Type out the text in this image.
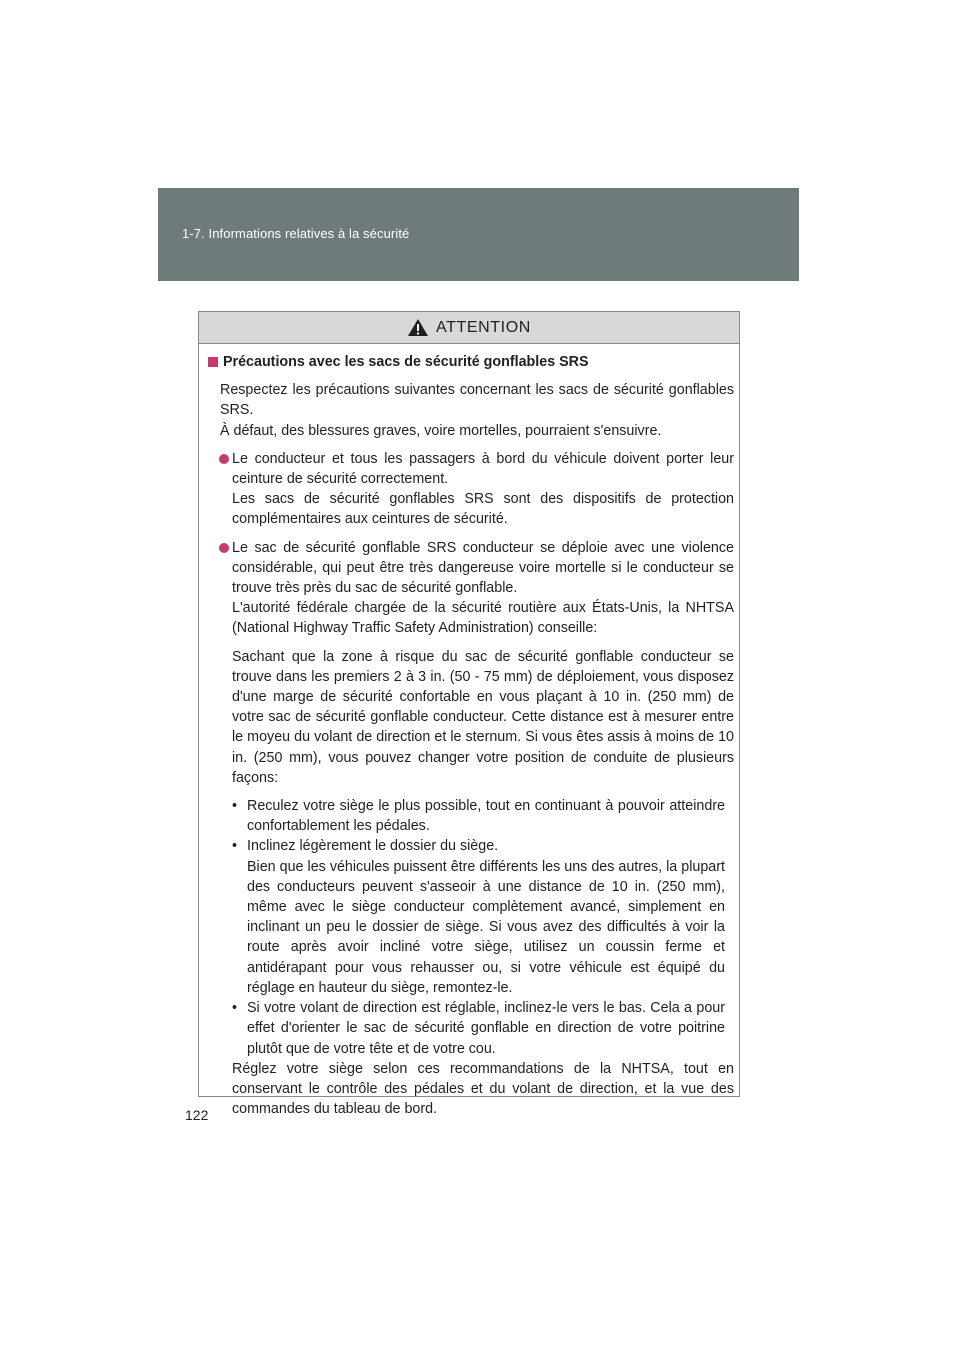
1-7. Informations relatives à la sécurité
ATTENTION
Précautions avec les sacs de sécurité gonflables SRS
Respectez les précautions suivantes concernant les sacs de sécurité gonflables SRS.
À défaut, des blessures graves, voire mortelles, pourraient s'ensuivre.
Le conducteur et tous les passagers à bord du véhicule doivent porter leur ceinture de sécurité correctement.
Les sacs de sécurité gonflables SRS sont des dispositifs de protection complémentaires aux ceintures de sécurité.
Le sac de sécurité gonflable SRS conducteur se déploie avec une violence considérable, qui peut être très dangereuse voire mortelle si le conducteur se trouve très près du sac de sécurité gonflable.
L'autorité fédérale chargée de la sécurité routière aux États-Unis, la NHTSA (National Highway Traffic Safety Administration) conseille:
Sachant que la zone à risque du sac de sécurité gonflable conducteur se trouve dans les premiers 2 à 3 in. (50 - 75 mm) de déploiement, vous disposez d'une marge de sécurité confortable en vous plaçant à 10 in. (250 mm) de votre sac de sécurité gonflable conducteur. Cette distance est à mesurer entre le moyeu du volant de direction et le sternum. Si vous êtes assis à moins de 10 in. (250 mm), vous pouvez changer votre position de conduite de plusieurs façons:
• Reculez votre siège le plus possible, tout en continuant à pouvoir atteindre confortablement les pédales.
• Inclinez légèrement le dossier du siège.
Bien que les véhicules puissent être différents les uns des autres, la plupart des conducteurs peuvent s'asseoir à une distance de 10 in. (250 mm), même avec le siège conducteur complètement avancé, simplement en inclinant un peu le dossier de siège. Si vous avez des difficultés à voir la route après avoir incliné votre siège, utilisez un coussin ferme et antidérapant pour vous rehausser ou, si votre véhicule est équipé du réglage en hauteur du siège, remontez-le.
• Si votre volant de direction est réglable, inclinez-le vers le bas. Cela a pour effet d'orienter le sac de sécurité gonflable en direction de votre poitrine plutôt que de votre tête et de votre cou.
Réglez votre siège selon ces recommandations de la NHTSA, tout en conservant le contrôle des pédales et du volant de direction, et la vue des commandes du tableau de bord.
122
